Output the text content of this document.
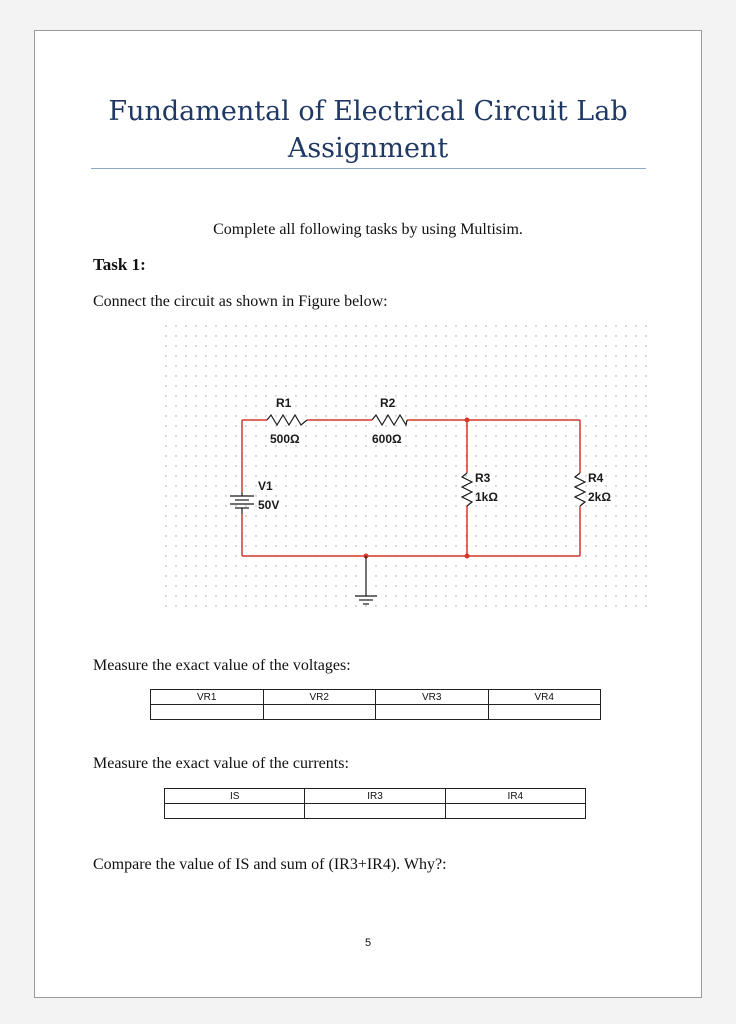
Fundamental of Electrical Circuit Lab
Assignment
Complete all following tasks by using Multisim.
Task 1:
Connect the circuit as shown in Figure below:
R1
500Ω
R2
600Ω
R3
1kΩ
R4
2kΩ
V1
50V
Measure the exact value of the voltages:
VR1	VR2	VR3	VR4

Measure the exact value of the currents:
IS	IR3	IR4

Compare the value of IS and sum of (IR3+IR4). Why?:
5
